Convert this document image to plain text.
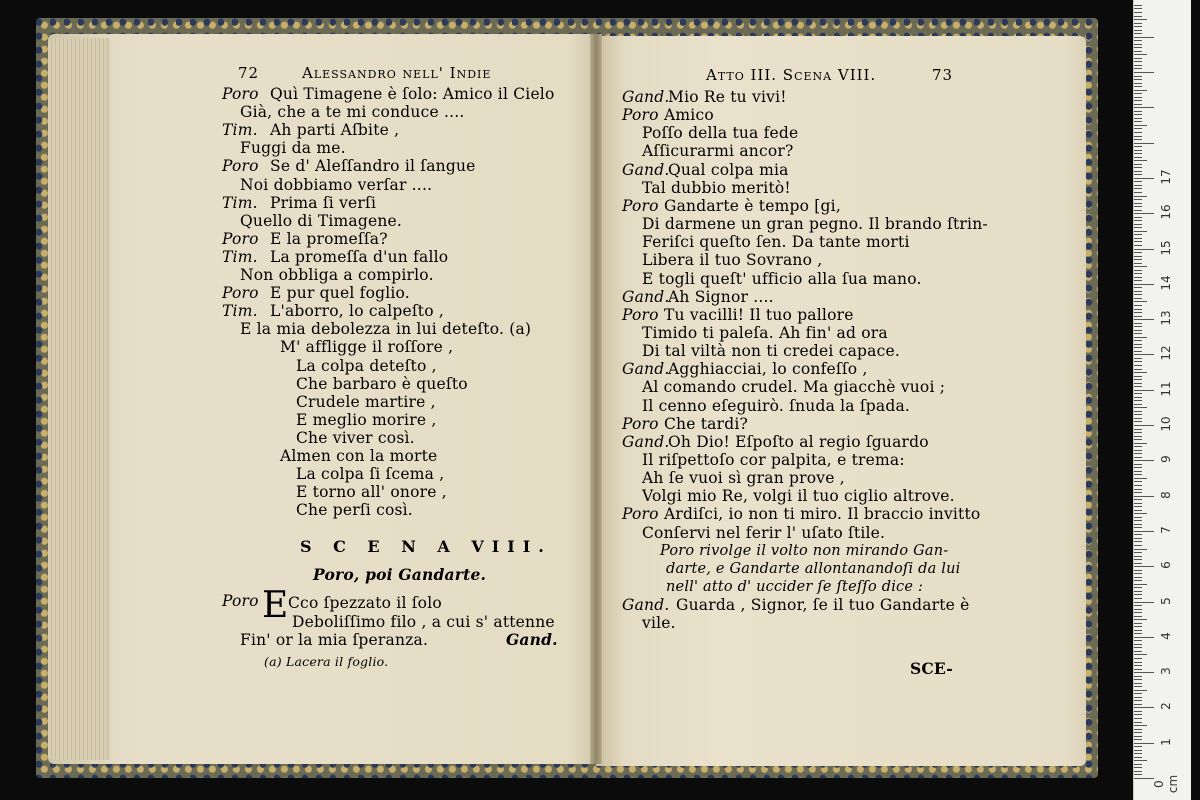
72	Alessandro nell' Indie
Poro Quì Timagene è ſolo: Amico il Cielo
Già, che a te mi conduce ....
Tim. Ah parti Aſbite ,
Fuggi da me.
Poro Se d' Aleſſandro il ſangue
Noi dobbiamo verſar ....
Tim. Prima ſi verſi
Quello di Timagene.
Poro E la promeſſa?
Tim. La promeſſa d'un fallo
Non obbliga a compirlo.
Poro E pur quel foglio.
Tim. L'aborro, lo calpeſto ,
E la mia debolezza in lui deteſto. (a)
M' affligge il roſſore ,
La colpa deteſto ,
Che barbaro è queſto
Crudele martire ,
E meglio morire ,
Che viver così.
Almen con la morte
La colpa ſi ſcema ,
E torno all' onore ,
Che perſi così.
S C E N A VIII.
Poro, poi Gandarte.
Poro E Cco ſpezzato il ſolo
Deboliſſimo filo , a cui s' attenne
Fin' or la mia ſperanza.	Gand.
(a) Lacera il foglio.
Atto III. Scena VIII.	73
Gand.
Mio Re tu vivi!
Poro Amico
Poſſo della tua fede
Aſſicurarmi ancor?
Gand.
Qual colpa mia
Tal dubbio meritò!
Poro Gandarte è tempo [gi,
Di darmene un gran pegno. Il brando ſtrin-
Feriſci queſto ſen. Da tante morti
Libera il tuo Sovrano ,
E togli queſt' ufficio alla ſua mano.
Gand.
Ah Signor ....
Poro Tu vacilli! Il tuo pallore
Timido ti paleſa. Ah fin' ad ora
Di tal viltà non ti credei capace.
Gand.
Agghiacciai, lo confeſſo ,
Al comando crudel. Ma giacchè vuoi ;
Il cenno eſeguirò. ſnuda la ſpada.
Poro Che tardi?
Gand.
Oh Dio! Eſpoſto al regio ſguardo
Il riſpettoſo cor palpita, e trema:
Ah ſe vuoi sì gran prove ,
Volgi mio Re, volgi il tuo ciglio altrove.
Poro Ardiſci, io non ti miro. Il braccio invitto
Conſervi nel ferir l' uſato ſtile.
Poro rivolge il volto non mirando Gan-
darte, e Gandarte allontanandoſi da lui
nell' atto d' uccider ſe ſteſſo dice :
Gand. Guarda , Signor, ſe il tuo Gandarte è
vile.
SCE-
0 cm
1
2
3
4
5
6
7
8
9
10
11
12
13
14
15
16
17
